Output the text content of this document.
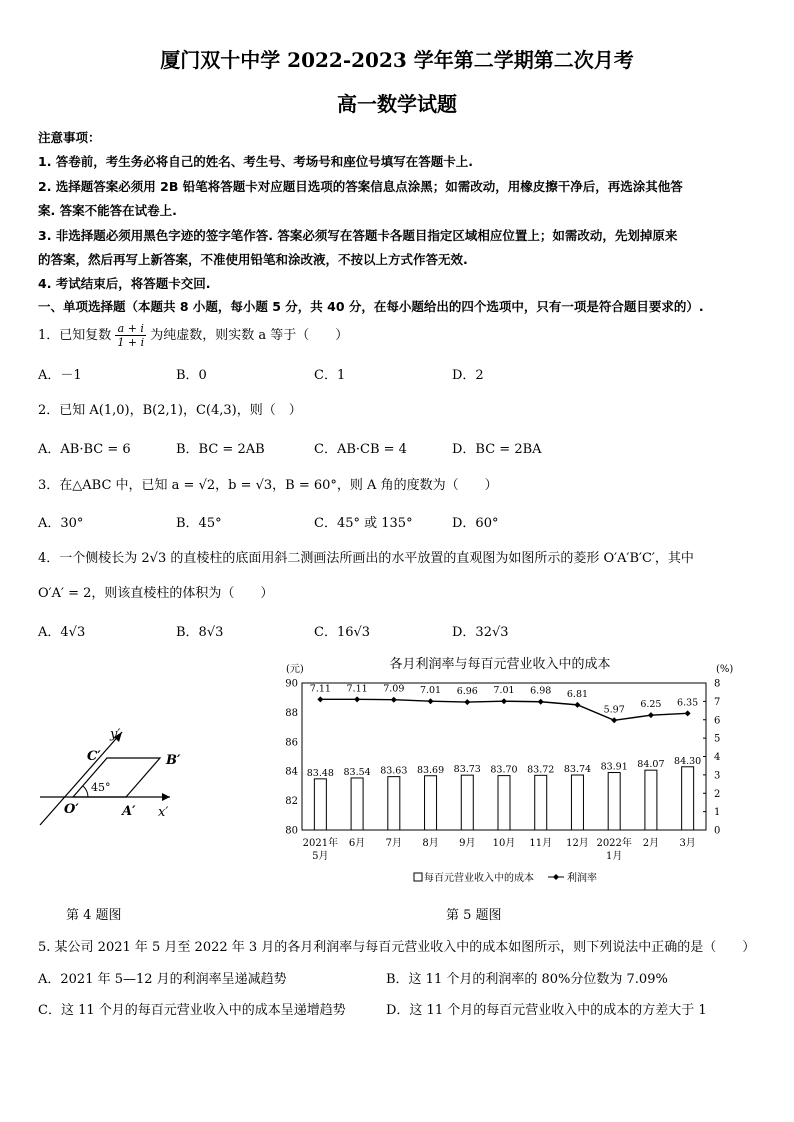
厦门双十中学 2022-2023 学年第二学期第二次月考
高一数学试题
注意事项：
1. 答卷前，考生务必将自己的姓名、考生号、考场号和座位号填写在答题卡上.
2. 选择题答案必须用 2B 铅笔将答题卡对应题目选项的答案信息点涂黑；如需改动，用橡皮擦干净后，再选涂其他答
案. 答案不能答在试卷上.
3. 非选择题必须用黑色字迹的签字笔作答. 答案必须写在答题卡各题目指定区域相应位置上；如需改动，先划掉原来
的答案，然后再写上新答案，不准使用铅笔和涂改液，不按以上方式作答无效.
4. 考试结束后，将答题卡交回.
一、单项选择题（本题共 8 小题，每小题 5 分，共 40 分，在每小题给出的四个选项中，只有一项是符合题目要求的）.
1．已知复数 $\frac{a + i}{1 + i}$ 为纯虚数，则实数 a 等于（　　）
A．－1	B．0	C．1	D．2
2．已知 A(1,0)，B(2,1)，C(4,3)，则（　）
A．AB·BC = 6	B．BC = 2AB	C．AB·CB = 4	D．BC = 2BA
3．在△ABC 中，已知 a = √2，b = √3，B = 60°，则 A 角的度数为（　　）
A．30°	B．45°	C．45° 或 135°	D．60°
4．一个侧棱长为 2√3 的直棱柱的底面用斜二测画法所画出的水平放置的直观图为如图所示的菱形 O′A′B′C′，其中
O′A′ = 2，则该直棱柱的体积为（　　）
A．4√3	B．8√3	C．16√3	D．32√3
y′
x′
O′	A′
B′
C′
45°
第 4 题图
各月利润率与每百元营业收入中的成本
(元)	(%)
80
82
84
86
88
90
0
1
2
3
4
5
6
7
8
83.48 83.54 83.63 83.69 83.73 83.70 83.72 83.74 83.91 84.07 84.30
7.11 7.11 7.09 7.01 6.96 7.01 6.98 6.81
5.97 6.25 6.35
2021年
5月
6月 7月 8月 9月 10月 11月 12月 2022年
1月
2月 3月
每百元营业收入中的成本	利润率
第 5 题图
5. 某公司 2021 年 5 月至 2022 年 3 月的各月利润率与每百元营业收入中的成本如图所示，则下列说法中正确的是（　　）
A．2021 年 5—12 月的利润率呈递减趋势	B．这 11 个月的利润率的 80%分位数为 7.09%
C．这 11 个月的每百元营业收入中的成本呈递增趋势	D．这 11 个月的每百元营业收入中的成本的方差大于 1
